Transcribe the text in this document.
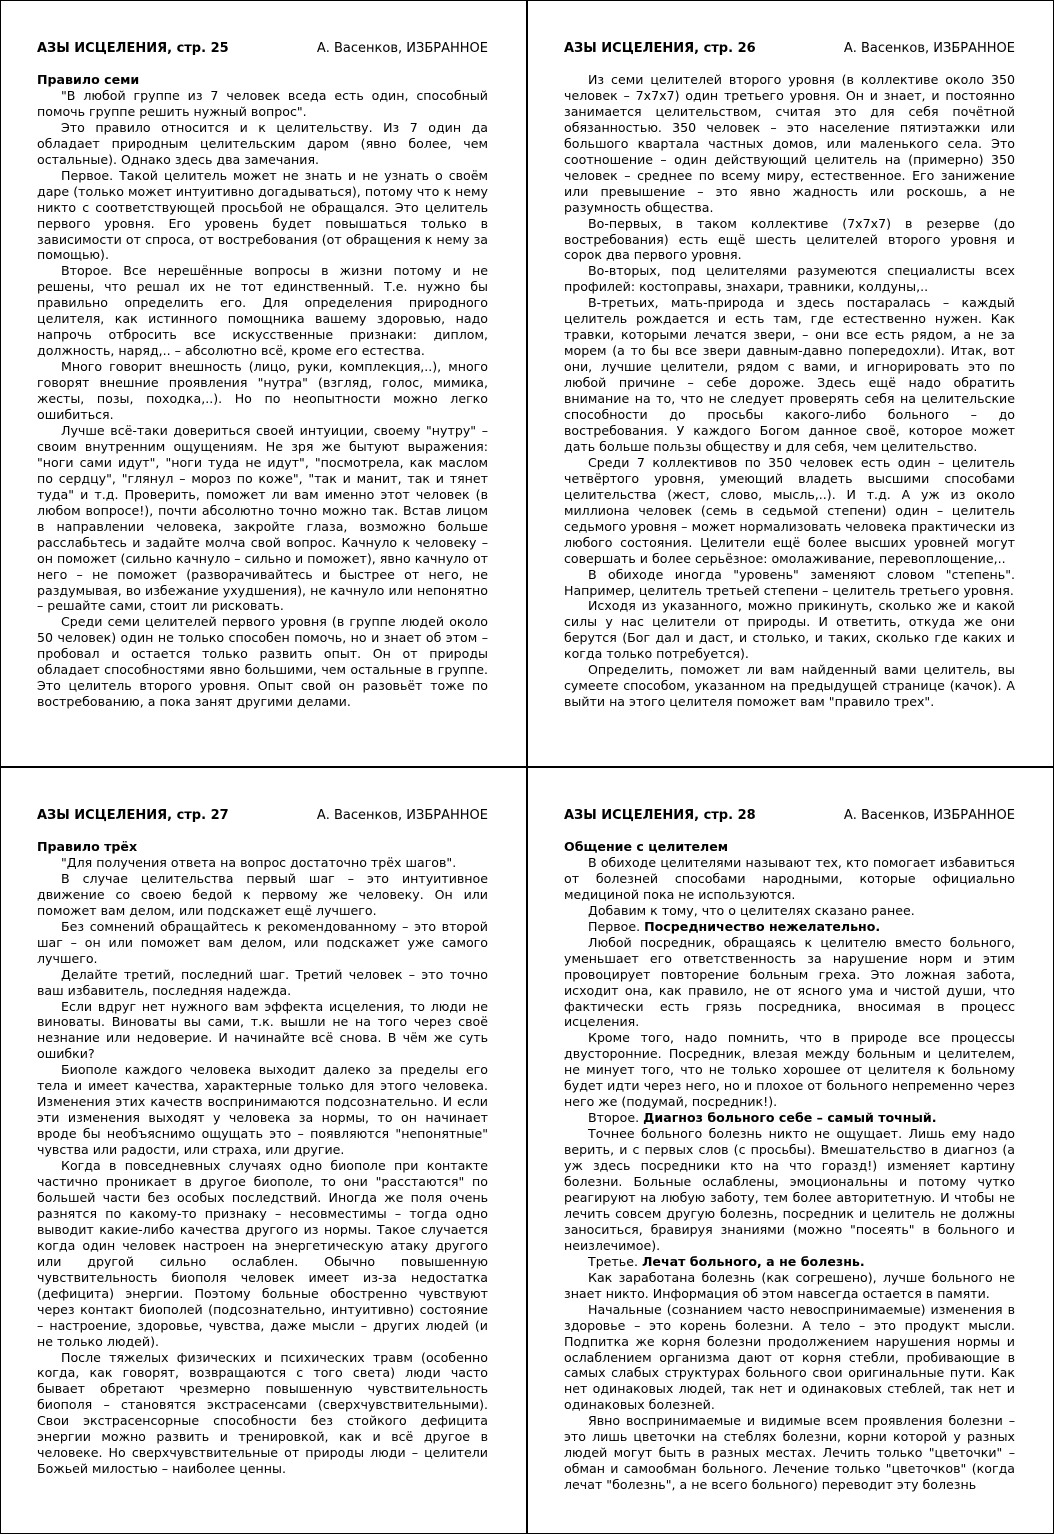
АЗЫ ИСЦЕЛЕНИЯ, стр. 25	А. Васенков, ИЗБРАННОЕ

Правило семи

"В любой группе из 7 человек вседа есть один, способный помочь группе решить нужный вопрос".

Это правило относится и к целительству. Из 7 один да обладает природным целительским даром (явно более, чем остальные). Однако здесь два замечания.

Первое. Такой целитель может не знать и не узнать о своём даре (только может интуитивно догадываться), потому что к нему никто с соответствующей просьбой не обращался. Это целитель первого уровня. Его уровень будет повышаться только в зависимости от спроса, от востребования (от обращения к нему за помощью).

Второе. Все нерешённые вопросы в жизни потому и не решены, что решал их не тот единственный. Т.е. нужно бы правильно определить его. Для определения природного целителя, как истинного помощника вашему здоровью, надо напрочь отбросить все искусственные признаки: диплом, должность, наряд,.. – абсолютно всё, кроме его естества.

Много говорит внешность (лицо, руки, комплекция,..), много говорят внешние проявления "нутра" (взгляд, голос, мимика, жесты, позы, походка,..). Но по неопытности можно легко ошибиться.

Лучше всё-таки довериться своей интуиции, своему "нутру" – своим внутренним ощущениям. Не зря же бытуют выражения: "ноги сами идут", "ноги туда не идут", "посмотрела, как маслом по сердцу", "глянул – мороз по коже", "так и манит, так и тянет туда" и т.д. Проверить, поможет ли вам именно этот человек (в любом вопросе!), почти абсолютно точно можно так. Встав лицом в направлении человека, закройте глаза, возможно больше расслабьтесь и задайте молча свой вопрос. Качнуло к человеку – он поможет (сильно качнуло – сильно и поможет), явно качнуло от него – не поможет (разворачивайтесь и быстрее от него, не раздумывая, во избежание ухудшения), не качнуло или непонятно – решайте сами, стоит ли рисковать.

Среди семи целителей первого уровня (в группе людей около 50 человек) один не только способен помочь, но и знает об этом – пробовал и остается только развить опыт. Он от природы обладает способностями явно большими, чем остальные в группе. Это целитель второго уровня. Опыт свой он разовьёт тоже по востребованию, а пока занят другими делами.

АЗЫ ИСЦЕЛЕНИЯ, стр. 26	А. Васенков, ИЗБРАННОЕ

Из семи целителей второго уровня (в коллективе около 350 человек – 7х7х7) один третьего уровня. Он и знает, и постоянно занимается целительством, считая это для себя почётной обязанностью. 350 человек – это население пятиэтажки или большого квартала частных домов, или маленького села. Это соотношение – один действующий целитель на (примерно) 350 человек – среднее по всему миру, естественное. Его занижение или превышение – это явно жадность или роскошь, а не разумность общества.

Во-первых, в таком коллективе (7х7х7) в резерве (до востребования) есть ещё шесть целителей второго уровня и сорок два первого уровня.

Во-вторых, под целителями разумеются специалисты всех профилей: костоправы, знахари, травники, колдуны,..

В-третьих, мать-природа и здесь постаралась – каждый целитель рождается и есть там, где естественно нужен. Как травки, которыми лечатся звери, – они все есть рядом, а не за морем (а то бы все звери давным-давно попередохли). Итак, вот они, лучшие целители, рядом с вами, и игнорировать это по любой причине – себе дороже. Здесь ещё надо обратить внимание на то, что не следует проверять себя на целительские способности до просьбы какого-либо больного – до востребования. У каждого Богом данное своё, которое может дать больше пользы обществу и для себя, чем целительство.

Среди 7 коллективов по 350 человек есть один – целитель четвёртого уровня, умеющий владеть высшими способами целительства (жест, слово, мысль,..). И т.д. А уж из около миллиона человек (семь в седьмой степени) один – целитель седьмого уровня – может нормализовать человека практически из любого состояния. Целители ещё более высших уровней могут совершать и более серьёзное: омолаживание, перевоплощение,..

В обиходе иногда "уровень" заменяют словом "степень". Например, целитель третьей степени – целитель третьего уровня.

Исходя из указанного, можно прикинуть, сколько же и какой силы у нас целители от природы. И ответить, откуда же они берутся (Бог дал и даст, и столько, и таких, сколько где каких и когда только потребуется).

Определить, поможет ли вам найденный вами целитель, вы сумеете способом, указанном на предыдущей странице (качок). А выйти на этого целителя поможет вам "правило трех".

АЗЫ ИСЦЕЛЕНИЯ, стр. 27	А. Васенков, ИЗБРАННОЕ

Правило трёх

"Для получения ответа на вопрос достаточно трёх шагов".

В случае целительства первый шаг – это интуитивное движение со своею бедой к первому же человеку. Он или поможет вам делом, или подскажет ещё лучшего.

Без сомнений обращайтесь к рекомендованному – это второй шаг – он или поможет вам делом, или подскажет уже самого лучшего.

Делайте третий, последний шаг. Третий человек – это точно ваш избавитель, последняя надежда.

Если вдруг нет нужного вам эффекта исцеления, то люди не виноваты. Виноваты вы сами, т.к. вышли не на того через своё незнание или недоверие. И начинайте всё снова. В чём же суть ошибки?

Биополе каждого человека выходит далеко за пределы его тела и имеет качества, характерные только для этого человека. Изменения этих качеств воспринимаются подсознательно. И если эти изменения выходят у человека за нормы, то он начинает вроде бы необъяснимо ощущать это – появляются "непонятные" чувства или радости, или страха, или другие.

Когда в повседневных случаях одно биополе при контакте частично проникает в другое биополе, то они "расстаются" по большей части без особых последствий. Иногда же поля очень разнятся по какому-то признаку – несовместимы – тогда одно выводит какие-либо качества другого из нормы. Такое случается когда один человек настроен на энергетическую атаку другого или другой сильно ослаблен. Обычно повышенную чувствительность биополя человек имеет из-за недостатка (дефицита) энергии. Поэтому больные обостренно чувствуют через контакт биополей (подсознательно, интуитивно) состояние – настроение, здоровье, чувства, даже мысли – других людей (и не только людей).

После тяжелых физических и психических травм (особенно когда, как говорят, возвращаются с того света) люди часто бывает обретают чрезмерно повышенную чувствительность биополя – становятся экстрасенсами (сверхчувствительными). Свои экстрасенсорные способности без стойкого дефицита энергии можно развить и тренировкой, как и всё другое в человеке. Но сверхчувствительные от природы люди – целители Божьей милостью – наиболее ценны.

АЗЫ ИСЦЕЛЕНИЯ, стр. 28	А. Васенков, ИЗБРАННОЕ

Общение с целителем

В обиходе целителями называют тех, кто помогает избавиться от болезней способами народными, которые официально медициной пока не используются.

Добавим к тому, что о целителях сказано ранее.

Первое. Посредничество нежелательно.

Любой посредник, обращаясь к целителю вместо больного, уменьшает его ответственность за нарушение норм и этим провоцирует повторение больным греха. Это ложная забота, исходит она, как правило, не от ясного ума и чистой души, что фактически есть грязь посредника, вносимая в процесс исцеления.

Кроме того, надо помнить, что в природе все процессы двусторонние. Посредник, влезая между больным и целителем, не минует того, что не только хорошее от целителя к больному будет идти через него, но и плохое от больного непременно через него же (подумай, посредник!).

Второе. Диагноз больного себе – самый точный.

Точнее больного болезнь никто не ощущает. Лишь ему надо верить, и с первых слов (с просьбы). Вмешательство в диагноз (а уж здесь посредники кто на что горазд!) изменяет картину болезни. Больные ослаблены, эмоциональны и потому чутко реагируют на любую заботу, тем более авторитетную. И чтобы не лечить совсем другую болезнь, посредник и целитель не должны заноситься, бравируя знаниями (можно "посеять" в больного и неизлечимое).

Третье. Лечат больного, а не болезнь.

Как заработана болезнь (как согрешено), лучше больного не знает никто. Информация об этом навсегда остается в памяти.

Начальные (сознанием часто невоспринимаемые) изменения в здоровье – это корень болезни. А тело – это продукт мысли. Подпитка же корня болезни продолжением нарушения нормы и ослаблением организма дают от корня стебли, пробивающие в самых слабых структурах больного свои оригинальные пути. Как нет одинаковых людей, так нет и одинаковых стеблей, так нет и одинаковых болезней.

Явно воспринимаемые и видимые всем проявления болезни – это лишь цветочки на стеблях болезни, корни которой у разных людей могут быть в разных местах. Лечить только "цветочки" – обман и самообман больного. Лечение только "цветочков" (когда лечат "болезнь", а не всего больного) переводит эту болезнь
